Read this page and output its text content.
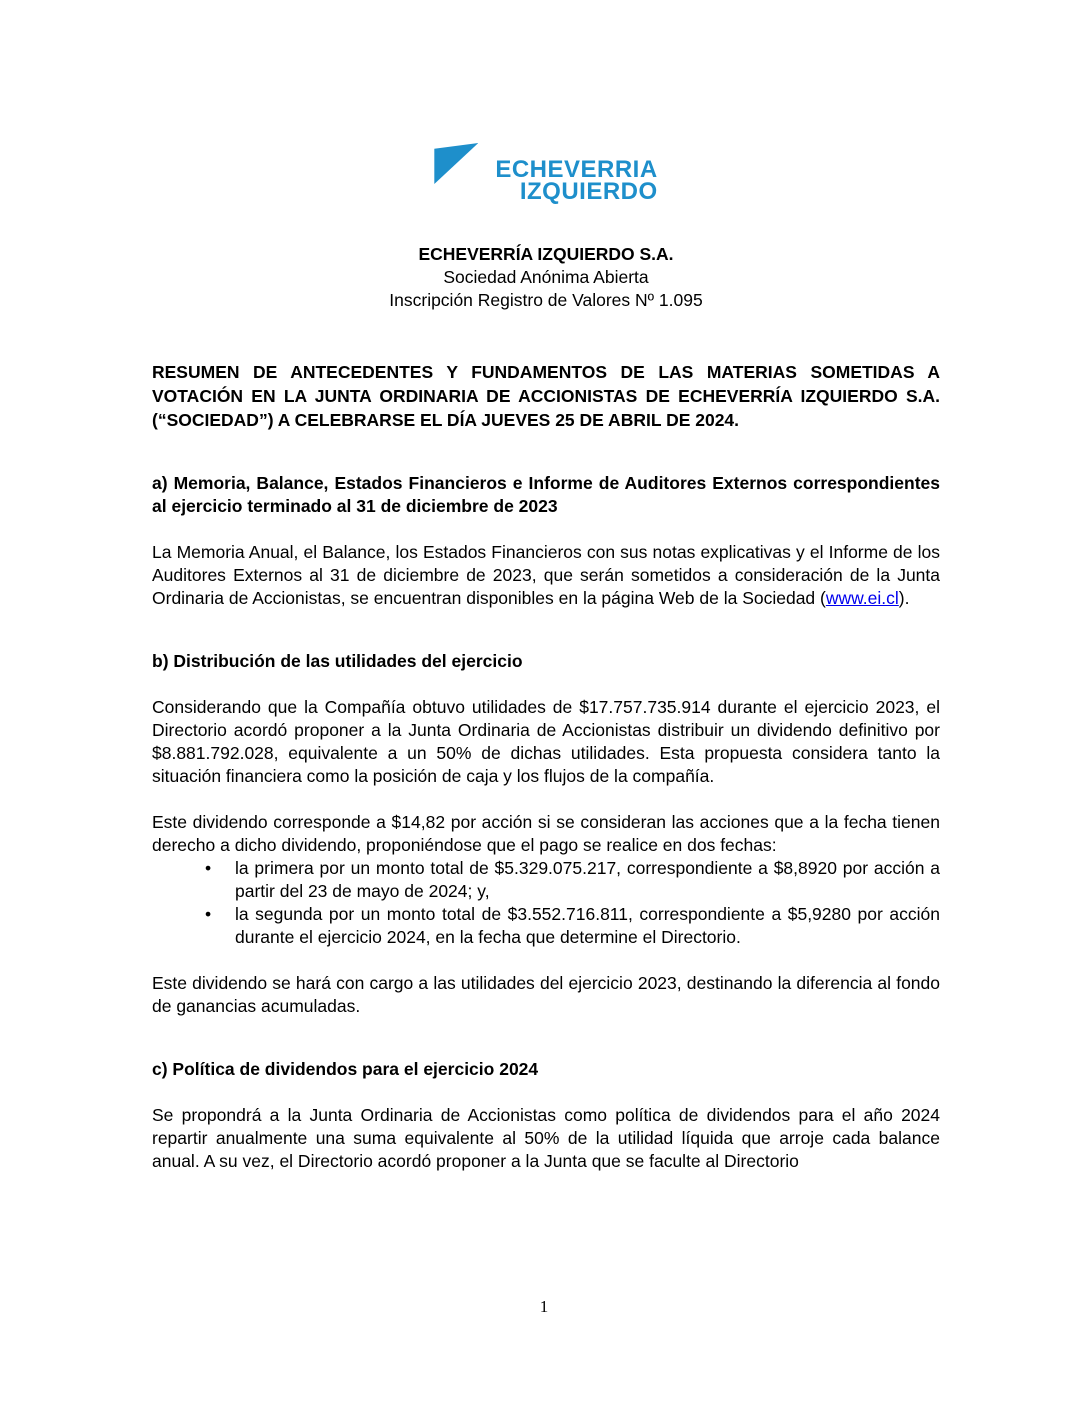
ECHEVERRIA
IZQUIERDO
ECHEVERRÍA IZQUIERDO S.A.
Sociedad Anónima Abierta
Inscripción Registro de Valores Nº 1.095

RESUMEN DE ANTECEDENTES Y FUNDAMENTOS DE LAS MATERIAS SOMETIDAS A VOTACIÓN EN LA JUNTA ORDINARIA DE ACCIONISTAS DE ECHEVERRÍA IZQUIERDO S.A. (“SOCIEDAD”) A CELEBRARSE EL DÍA JUEVES 25 DE ABRIL DE 2024.

a) Memoria, Balance, Estados Financieros e Informe de Auditores Externos correspondientes al ejercicio terminado al 31 de diciembre de 2023

La Memoria Anual, el Balance, los Estados Financieros con sus notas explicativas y el Informe de los Auditores Externos al 31 de diciembre de 2023, que serán sometidos a consideración de la Junta Ordinaria de Accionistas, se encuentran disponibles en la página Web de la Sociedad (www.ei.cl).

b) Distribución de las utilidades del ejercicio

Considerando que la Compañía obtuvo utilidades de $17.757.735.914 durante el ejercicio 2023, el Directorio acordó proponer a la Junta Ordinaria de Accionistas distribuir un dividendo definitivo por $8.881.792.028, equivalente a un 50% de dichas utilidades. Esta propuesta considera tanto la situación financiera como la posición de caja y los flujos de la compañía.

Este dividendo corresponde a $14,82 por acción si se consideran las acciones que a la fecha tienen derecho a dicho dividendo, proponiéndose que el pago se realice en dos fechas:

• la primera por un monto total de $5.329.075.217, correspondiente a $8,8920 por acción a partir del 23 de mayo de 2024; y,
• la segunda por un monto total de $3.552.716.811, correspondiente a $5,9280 por acción durante el ejercicio 2024, en la fecha que determine el Directorio.

Este dividendo se hará con cargo a las utilidades del ejercicio 2023, destinando la diferencia al fondo de ganancias acumuladas.

c) Política de dividendos para el ejercicio 2024

Se propondrá a la Junta Ordinaria de Accionistas como política de dividendos para el año 2024 repartir anualmente una suma equivalente al 50% de la utilidad líquida que arroje cada balance anual. A su vez, el Directorio acordó proponer a la Junta que se faculte al Directorio

1
